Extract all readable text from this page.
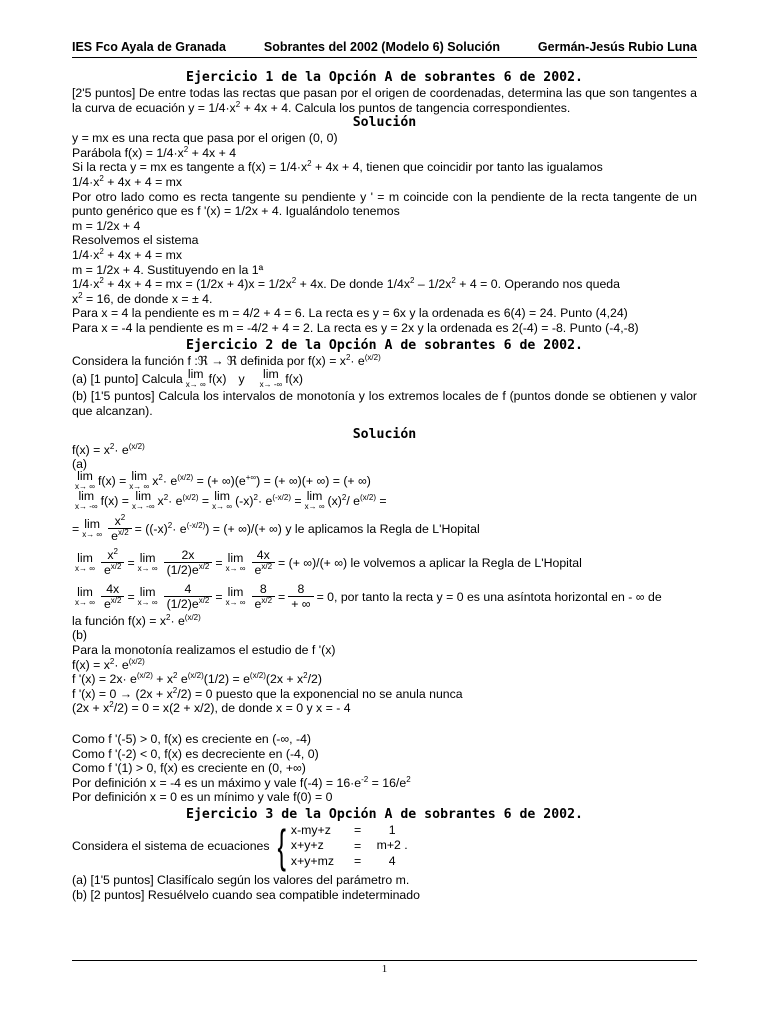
IES Fco Ayala de Granada	Sobrantes del 2002 (Modelo 6) Solución	Germán-Jesús Rubio Luna
Ejercicio 1 de la Opción A de sobrantes 6 de 2002.
[2'5 puntos] De entre todas las rectas que pasan por el origen de coordenadas, determina las que son tangentes a la curva de ecuación $y = 1/4\cdot x^2 + 4x + 4$. Calcula los puntos de tangencia correspondientes.
Solución
y = mx es una recta que pasa por el origen (0, 0)
Parábola $f(x) = 1/4\cdot x^2 + 4x + 4$
Si la recta y = mx es tangente a $f(x) = 1/4\cdot x^2 + 4x + 4$, tienen que coincidir por tanto las igualamos
$1/4\cdot x^2 + 4x + 4$ = mx
Por otro lado como es recta tangente su pendiente y ' = m coincide con la pendiente de la recta tangente de un punto genérico que es f '(x) = 1/2x + 4. Igualándolo tenemos
m = 1/2x + 4
Resolvemos el sistema
$1/4\cdot x^2 + 4x + 4$ = mx
m = 1/2x + 4. Sustituyendo en la 1ª
$1/4\cdot x^2 + 4x + 4$ = mx = $(1/2x + 4)x = 1/2x^2 + 4x$. De donde $1/4x^2 - 1/2x^2 + 4 = 0$. Operando nos queda
$x^2 = 16$, de donde x = ± 4.
Para x = 4 la pendiente es m = 4/2 + 4 = 6. La recta es y = 6x y la ordenada es 6(4) = 24. Punto (4,24)
Para x = -4 la pendiente es m = -4/2 + 4 = 2. La recta es y = 2x y la ordenada es 2(-4) = -8. Punto (-4,-8)
Ejercicio 2 de la Opción A de sobrantes 6 de 2002.
Considera la función f :ℜ → ℜ definida por $f(x) = x^2\cdot e^{(x/2)}$
(a) [1 punto] Calcula lim
x→ ∞ f(x) y lim
x→ -∞ f(x)
(b) [1'5 puntos] Calcula los intervalos de monotonía y los extremos locales de f (puntos donde se obtienen y valor que alcanzan).
Solución
$f(x) = x^2\cdot e^{(x/2)}$
(a)
lim
x→ ∞ f(x) = lim
x→ ∞ $x^2\cdot e^{(x/2)}$ = (+ ∞)(e+∞) = (+ ∞)(+ ∞) = (+ ∞)
lim
x→ -∞ f(x) = lim
x→ -∞ $x^2\cdot e^{(x/2)} = \lim$
x→ ∞ $(-x)^2\cdot e^{(-x/2)} = \lim$
x→ ∞ $(x)^2/$ $e^{(x/2)}$ =
= lim
x→ ∞ $\frac{x^2}{e^{x/2}} = ((-x)^2\cdot e^{(-x/2)})$ = (+ ∞)/(+ ∞) y le aplicamos la Regla de L'Hopital
lim
x→ ∞ $\frac{x^2}{e^{x/2}} = \lim$
x→ ∞ $\frac{2x}{(1/2)e^{x/2}} = \lim$
x→ ∞ $\frac{4x}{e^{x/2}}$ = (+ ∞)/(+ ∞) le volvemos a aplicar la Regla de L'Hopital
lim
x→ ∞ $\frac{4x}{e^{x/2}} = \lim$
x→ ∞ $\frac{4}{(1/2)e^{x/2}} = \lim$
x→ ∞ $\frac{8}{e^{x/2}}$ =
8
+ ∞ = 0, por tanto la recta y = 0 es una asíntota horizontal en - ∞ de
la función $f(x) = x^2\cdot e^{(x/2)}$
(b)
Para la monotonía realizamos el estudio de f '(x)
$f(x) = x^2\cdot e^{(x/2)}$
f '$(x) = 2x\cdot e^{(x/2)} + x^2$ $e^{(x/2)}(1/2) = e^{(x/2)}(2x + x^2/2)$
f '$(x) = 0 \to (2x + x^2/2) = 0$ puesto que la exponencial no se anula nunca
$(2x + x^2/2) = 0 = x(2 + x/2)$, de donde x = 0 y x = - 4
Como f '(-5) > 0, f(x) es creciente en (-∞, -4)
Como f '(-2) < 0, f(x) es decreciente en (-4, 0)
Como f '(1) > 0, f(x) es creciente en (0, +∞)
Por definición x = -4 es un máximo y vale $f(-4) = 16\cdot e^{-2} = 16/e^2$
Por definición x = 0 es un mínimo y vale f(0) = 0
Ejercicio 3 de la Opción A de sobrantes 6 de 2002.
Considera el sistema de ecuaciones { x-my+z	=	1
x+y+z	=	m+2 .
x+y+mz	=	4
(a) [1'5 puntos] Clasifícalo según los valores del parámetro m.
(b) [2 puntos] Resuélvelo cuando sea compatible indeterminado
1
